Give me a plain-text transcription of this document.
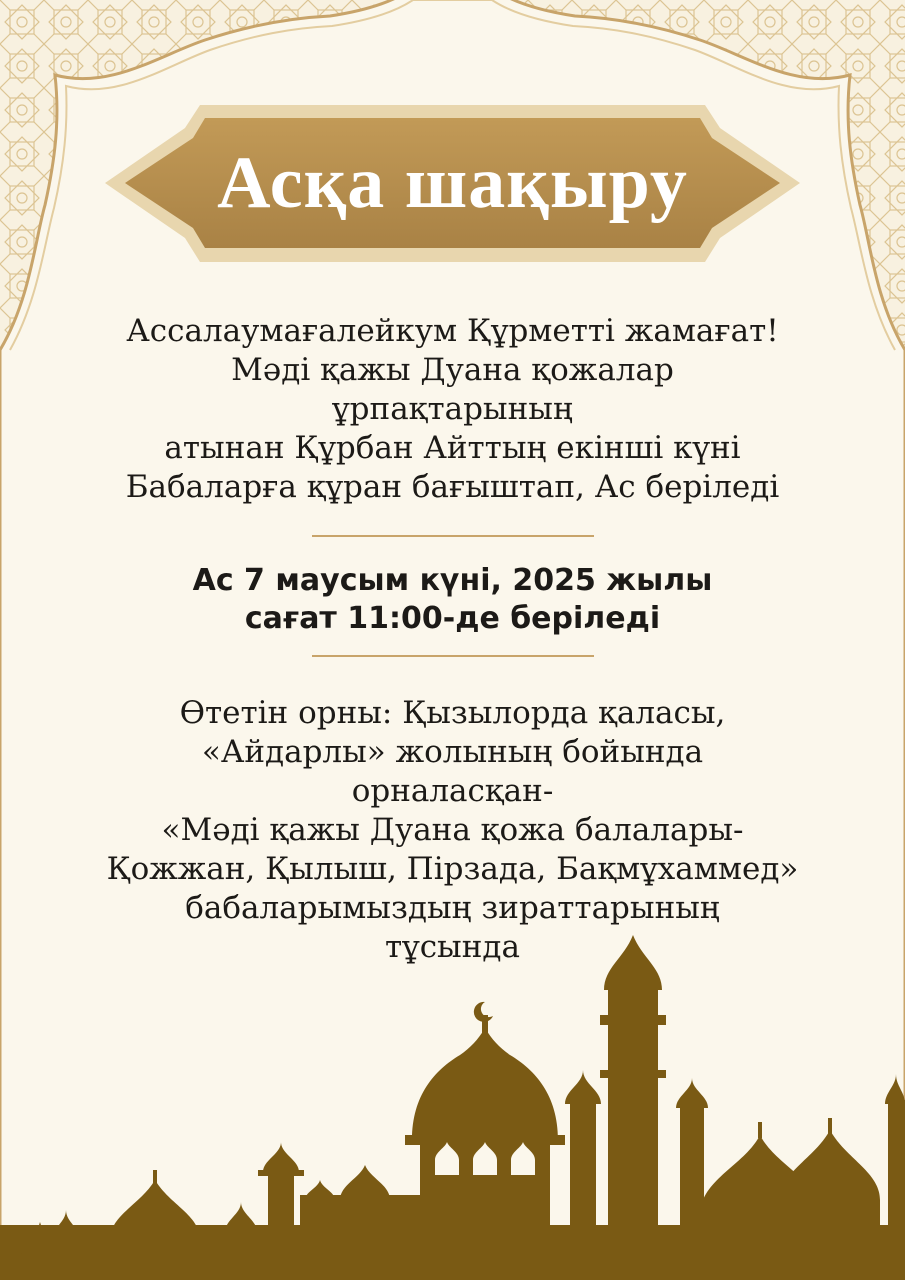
Асқа шақыру
Ассалаумағалейкум Құрметті жамағат!
Мәді қажы Дуана қожалар
ұрпақтарының
атынан Құрбан Айттың екінші күні
Бабаларға құран бағыштап, Ас беріледі
Ас 7 маусым күні, 2025 жылы
сағат 11:00-де беріледі
Өтетін орны: Қызылорда қаласы,
«Айдарлы» жолының бойында
орналасқан-
«Мәді қажы Дуана қожа балалары-
Қожжан, Қылыш, Пірзада, Бақмұхаммед»
бабаларымыздың зираттарының
тұсында
